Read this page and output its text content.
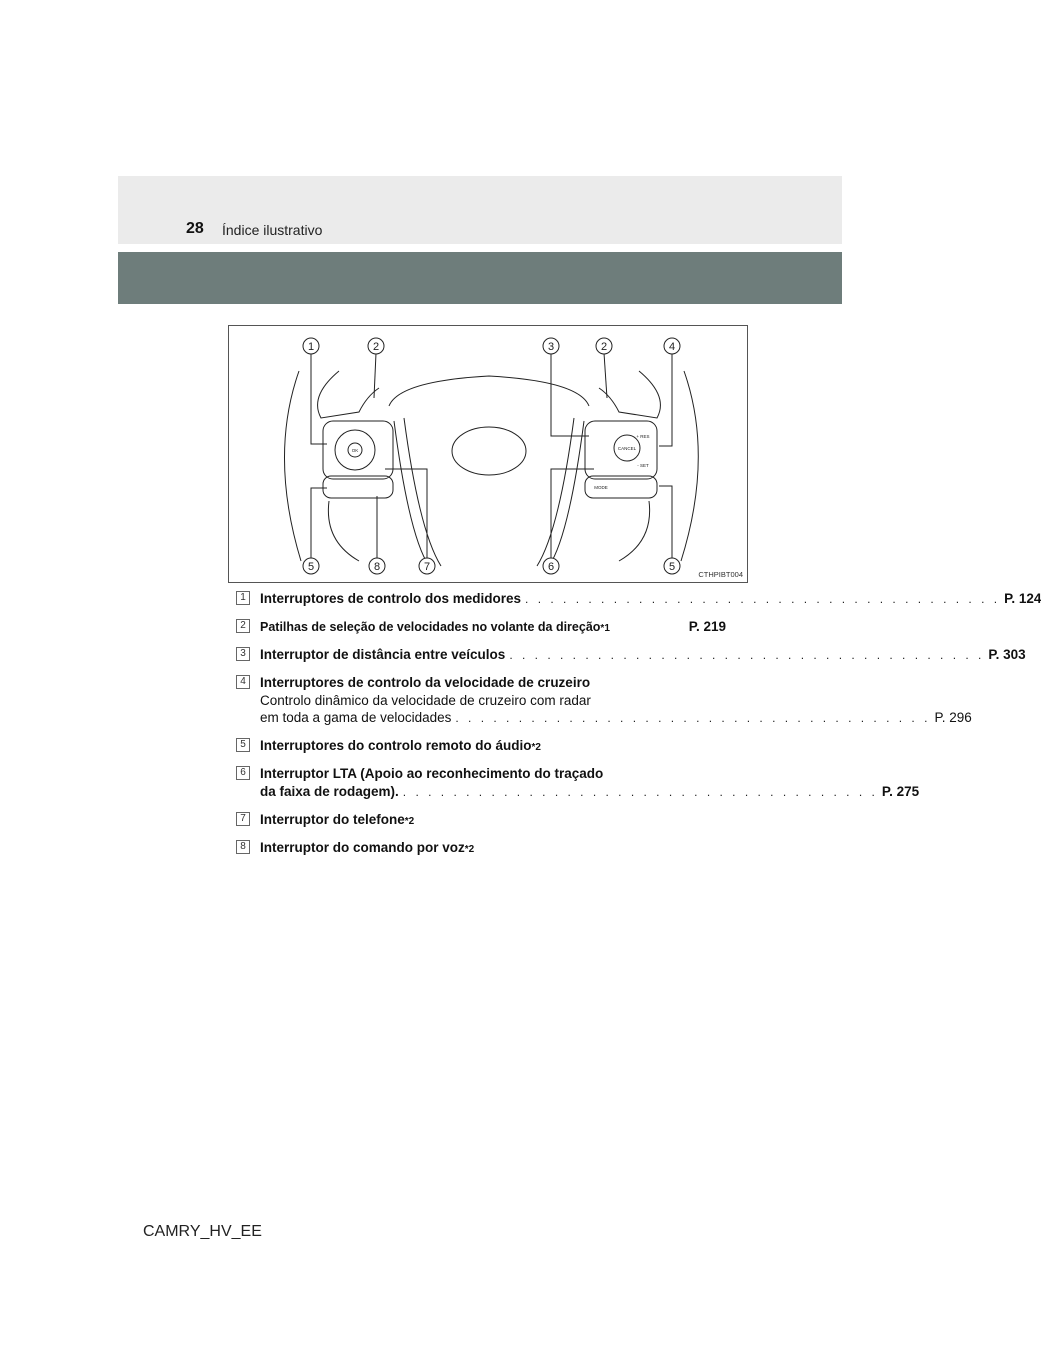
28 Índice ilustrativo
OK
+ RES
CANCEL
- SET
MODE
1	2	3	2	4
5	8	7	6	5
CTHPIBT004
1	Interruptores de controlo dos medidores . . . . . . . . . . . . . . . . . . . . . . . . . . . . . . . . . . . . . . P. 124
2	Patilhas de seleção de velocidades no volante da direção *1	P. 219
3	Interruptor de distância entre veículos . . . . . . . . . . . . . . . . . . . . . . . . . . . . . . . . . . . . . . P. 303
4	Interruptores de controlo da velocidade de cruzeiro
Controlo dinâmico da velocidade de cruzeiro com radar
em toda a gama de velocidades . . . . . . . . . . . . . . . . . . . . . . . . . . . . . . . . . . . . . . P. 296
5	Interruptores do controlo remoto do áudio *2
6	Interruptor LTA (Apoio ao reconhecimento do traçado
da faixa de rodagem). . . . . . . . . . . . . . . . . . . . . . . . . . . . . . . . . . . . . . . P. 275
7	Interruptor do telefone *2
8	Interruptor do comando por voz *2
CAMRY_HV_EE
